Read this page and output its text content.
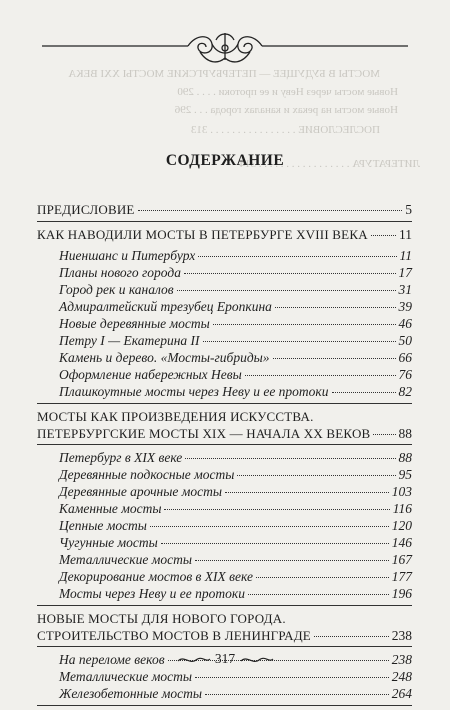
МОСТЫ В БУДУЩЕЕ — ПЕТЕРБУРГСКИЕ МОСТЫ XXI ВЕКА
Новые мосты через Неву и ее протоки . . . . 290
Новые мосты на реках и каналах города . . . 296
ПОСЛЕСЛОВИЕ . . . . . . . . . . . . . . . . 313
ЛИТЕРАТУРА . . . . . . . . . . . . . . . . . 314
СОДЕРЖАНИЕ
ПРЕДИСЛОВИЕ	5
КАК НАВОДИЛИ МОСТЫ В ПЕТЕРБУРГЕ XVIII ВЕКА 11
Ниеншанс и Питербурх	11
Планы нового города	17
Город рек и каналов	31
Адмиралтейский трезубец Еропкина	39
Новые деревянные мосты	46
Петру I — Екатерина II	50
Камень и дерево. «Мосты-гибриды»	66
Оформление набережных Невы	76
Плашкоутные мосты через Неву и ее протоки	82
МОСТЫ КАК ПРОИЗВЕДЕНИЯ ИСКУССТВА.
ПЕТЕРБУРГСКИЕ МОСТЫ XIX — НАЧАЛА XX ВЕКОВ 88
Петербург в XIX веке	88
Деревянные подкосные мосты	95
Деревянные арочные мосты	103
Каменные мосты	116
Цепные мосты	120
Чугунные мосты	146
Металлические мосты	167
Декорирование мостов в XIX веке	177
Мосты через Неву и ее протоки	196
НОВЫЕ МОСТЫ ДЛЯ НОВОГО ГОРОДА.
СТРОИТЕЛЬСТВО МОСТОВ В ЛЕНИНГРАДЕ	238
На переломе веков	238
Металлические мосты	248
Железобетонные мосты	264
317
